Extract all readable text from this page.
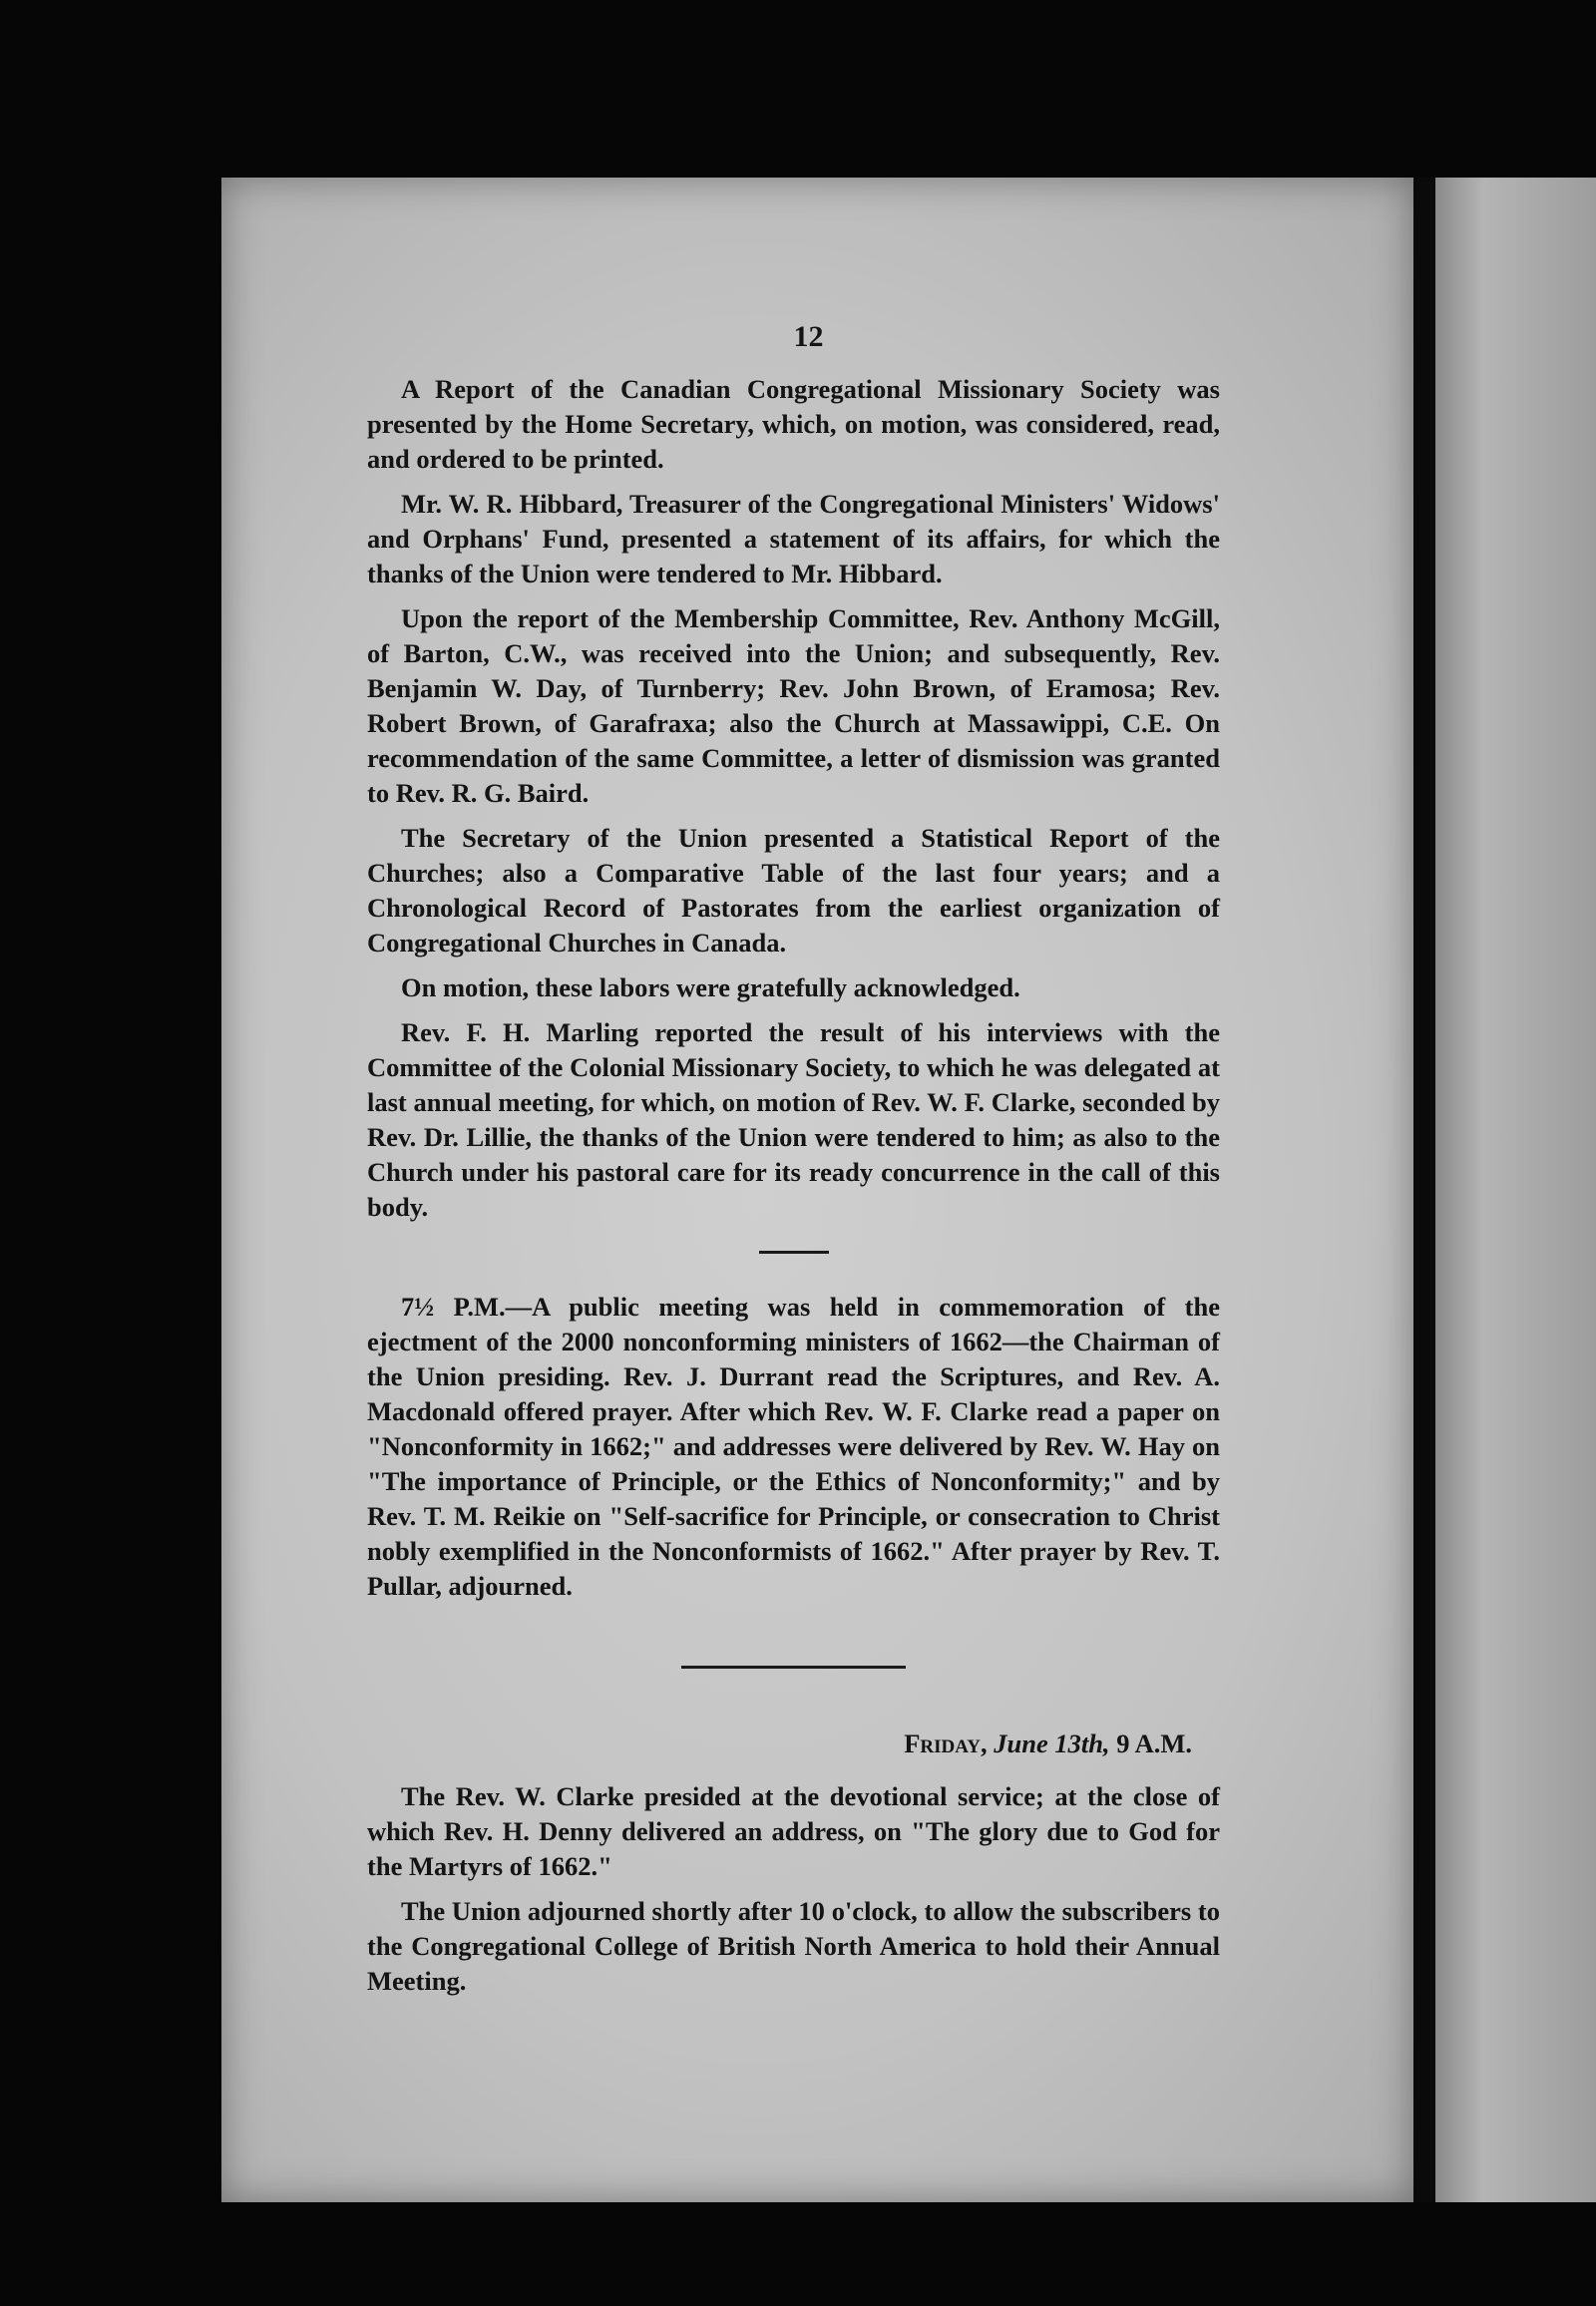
12

A Report of the Canadian Congregational Missionary Society was presented by the Home Secretary, which, on motion, was considered, read, and ordered to be printed.

Mr. W. R. Hibbard, Treasurer of the Congregational Ministers' Widows' and Orphans' Fund, presented a statement of its affairs, for which the thanks of the Union were tendered to Mr. Hibbard.

Upon the report of the Membership Committee, Rev. Anthony McGill, of Barton, C.W., was received into the Union; and subsequently, Rev. Benjamin W. Day, of Turnberry; Rev. John Brown, of Eramosa; Rev. Robert Brown, of Garafraxa; also the Church at Massawippi, C.E. On recommendation of the same Committee, a letter of dismission was granted to Rev. R. G. Baird.

The Secretary of the Union presented a Statistical Report of the Churches; also a Comparative Table of the last four years; and a Chronological Record of Pastorates from the earliest organization of Congregational Churches in Canada.

On motion, these labors were gratefully acknowledged.

Rev. F. H. Marling reported the result of his interviews with the Committee of the Colonial Missionary Society, to which he was delegated at last annual meeting, for which, on motion of Rev. W. F. Clarke, seconded by Rev. Dr. Lillie, the thanks of the Union were tendered to him; as also to the Church under his pastoral care for its ready concurrence in the call of this body.

7½ P.M.—A public meeting was held in commemoration of the ejectment of the 2000 nonconforming ministers of 1662—the Chairman of the Union presiding. Rev. J. Durrant read the Scriptures, and Rev. A. Macdonald offered prayer. After which Rev. W. F. Clarke read a paper on "Nonconformity in 1662;" and addresses were delivered by Rev. W. Hay on "The importance of Principle, or the Ethics of Nonconformity;" and by Rev. T. M. Reikie on "Self-sacrifice for Principle, or consecration to Christ nobly exemplified in the Nonconformists of 1662." After prayer by Rev. T. Pullar, adjourned.

Friday, June 13th, 9 A.M.

The Rev. W. Clarke presided at the devotional service; at the close of which Rev. H. Denny delivered an address, on "The glory due to God for the Martyrs of 1662."

The Union adjourned shortly after 10 o'clock, to allow the subscribers to the Congregational College of British North America to hold their Annual Meeting.
